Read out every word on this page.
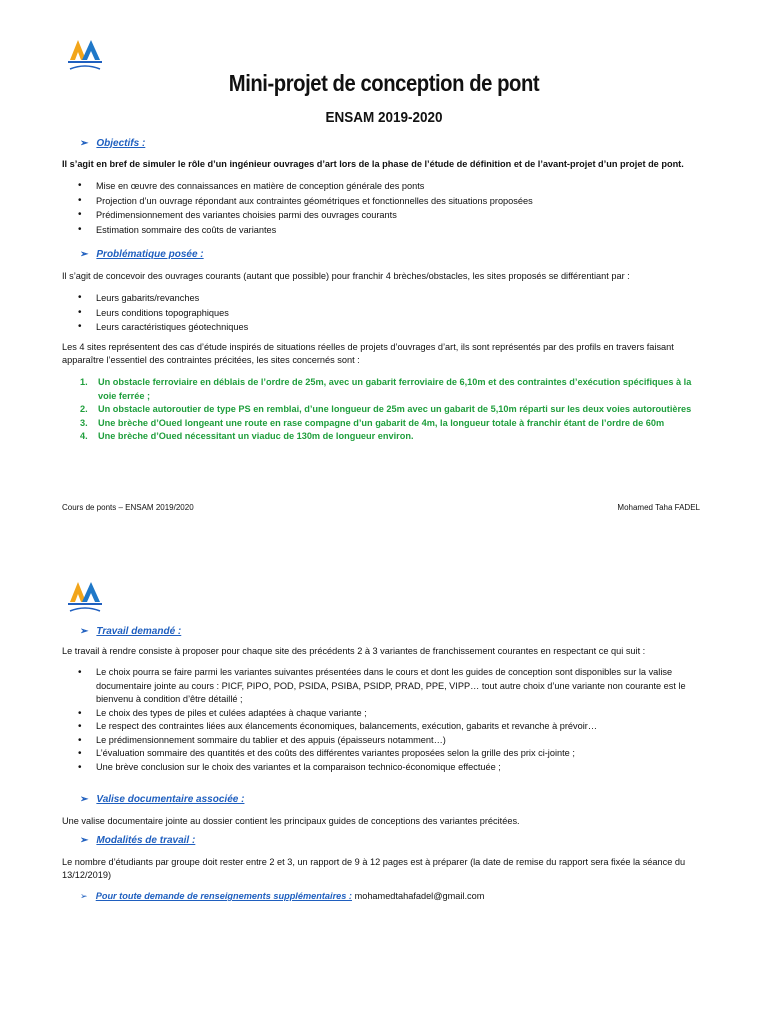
Mini-projet de conception de pont
ENSAM 2019-2020
➢ Objectifs :
Il s’agit en bref de simuler le rôle d’un ingénieur ouvrages d’art lors de la phase de l’étude de définition et de l’avant-projet d’un projet de pont.
• Mise en œuvre des connaissances en matière de conception générale des ponts
• Projection d’un ouvrage répondant aux contraintes géométriques et fonctionnelles des situations proposées
• Prédimensionnement des variantes choisies parmi des ouvrages courants
• Estimation sommaire des coûts de variantes
➢ Problématique posée :
Il s’agit de concevoir des ouvrages courants (autant que possible) pour franchir 4 brèches/obstacles, les sites proposés se différentiant par :
• Leurs gabarits/revanches
• Leurs conditions topographiques
• Leurs caractéristiques géotechniques
Les 4 sites représentent des cas d’étude inspirés de situations réelles de projets d’ouvrages d’art, ils sont représentés par des profils en travers faisant apparaître l’essentiel des contraintes précitées, les sites concernés sont :
1. Un obstacle ferroviaire en déblais de l’ordre de 25m, avec un gabarit ferroviaire de 6,10m et des contraintes d’exécution spécifiques à la voie ferrée ;
2. Un obstacle autoroutier de type PS en remblai, d’une longueur de 25m avec un gabarit de 5,10m réparti sur les deux voies autoroutières
3. Une brèche d’Oued longeant une route en rase compagne d’un gabarit de 4m, la longueur totale à franchir étant de l’ordre de 60m
4. Une brèche d’Oued nécessitant un viaduc de 130m de longueur environ.
Cours de ponts – ENSAM 2019/2020	Mohamed Taha FADEL
➢ Travail demandé :
Le travail à rendre consiste à proposer pour chaque site des précédents 2 à 3 variantes de franchissement courantes en respectant ce qui suit :
• Le choix pourra se faire parmi les variantes suivantes présentées dans le cours et dont les guides de conception sont disponibles sur la valise documentaire jointe au cours : PICF, PIPO, POD, PSIDA, PSIBA, PSIDP, PRAD, PPE, VIPP… tout autre choix d’une variante non courante est le bienvenu à condition d’être détaillé ;
• Le choix des types de piles et culées adaptées à chaque variante ;
• Le respect des contraintes liées aux élancements économiques, balancements, exécution, gabarits et revanche à prévoir…
• Le prédimensionnement sommaire du tablier et des appuis (épaisseurs notamment…)
• L’évaluation sommaire des quantités et des coûts des différentes variantes proposées selon la grille des prix ci-jointe ;
• Une brève conclusion sur le choix des variantes et la comparaison technico-économique effectuée ;
➢ Valise documentaire associée :
Une valise documentaire jointe au dossier contient les principaux guides de conceptions des variantes précitées.
➢ Modalités de travail :
Le nombre d’étudiants par groupe doit rester entre 2 et 3, un rapport de 9 à 12 pages est à préparer (la date de remise du rapport sera fixée la séance du 13/12/2019)
➢ Pour toute demande de renseignements supplémentaires : mohamedtahafadel@gmail.com
